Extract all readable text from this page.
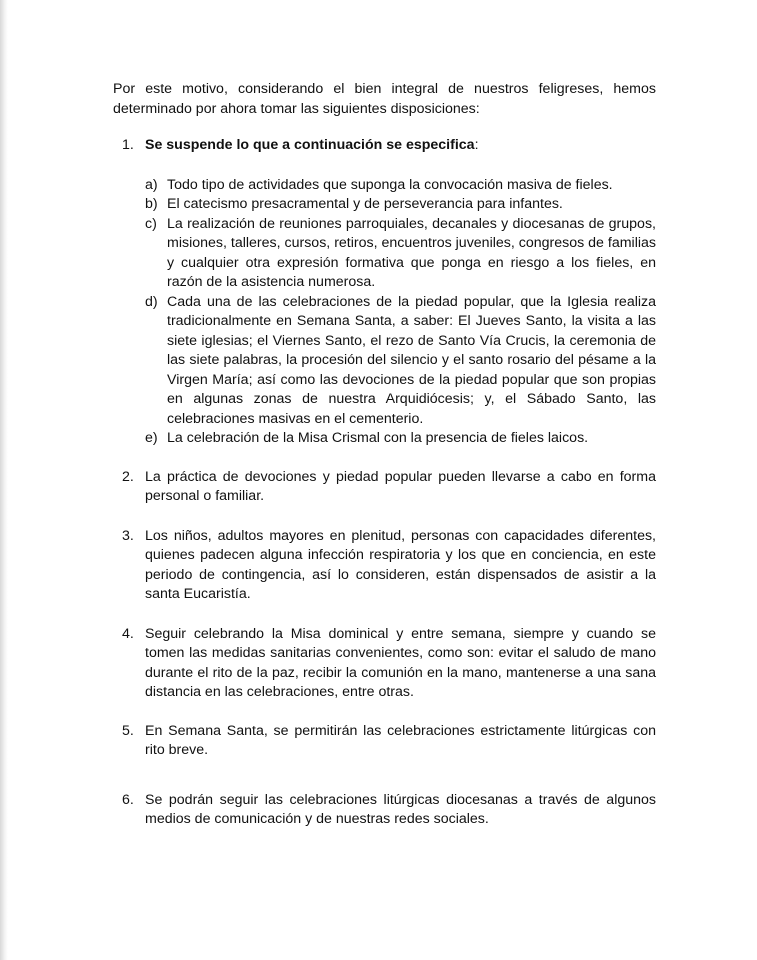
Por este motivo, considerando el bien integral de nuestros feligreses, hemos determinado por ahora tomar las siguientes disposiciones:

1. Se suspende lo que a continuación se especifica:
a) Todo tipo de actividades que suponga la convocación masiva de fieles.
b) El catecismo presacramental y de perseverancia para infantes.
c) La realización de reuniones parroquiales, decanales y diocesanas de grupos, misiones, talleres, cursos, retiros, encuentros juveniles, congresos de familias y cualquier otra expresión formativa que ponga en riesgo a los fieles, en razón de la asistencia numerosa.
d) Cada una de las celebraciones de la piedad popular, que la Iglesia realiza tradicionalmente en Semana Santa, a saber: El Jueves Santo, la visita a las siete iglesias; el Viernes Santo, el rezo de Santo Vía Crucis, la ceremonia de las siete palabras, la procesión del silencio y el santo rosario del pésame a la Virgen María; así como las devociones de la piedad popular que son propias en algunas zonas de nuestra Arquidiócesis; y, el Sábado Santo, las celebraciones masivas en el cementerio.
e) La celebración de la Misa Crismal con la presencia de fieles laicos.
2. La práctica de devociones y piedad popular pueden llevarse a cabo en forma personal o familiar.
3. Los niños, adultos mayores en plenitud, personas con capacidades diferentes, quienes padecen alguna infección respiratoria y los que en conciencia, en este periodo de contingencia, así lo consideren, están dispensados de asistir a la santa Eucaristía.
4. Seguir celebrando la Misa dominical y entre semana, siempre y cuando se tomen las medidas sanitarias convenientes, como son: evitar el saludo de mano durante el rito de la paz, recibir la comunión en la mano, mantenerse a una sana distancia en las celebraciones, entre otras.
5. En Semana Santa, se permitirán las celebraciones estrictamente litúrgicas con rito breve.
6. Se podrán seguir las celebraciones litúrgicas diocesanas a través de algunos medios de comunicación y de nuestras redes sociales.
